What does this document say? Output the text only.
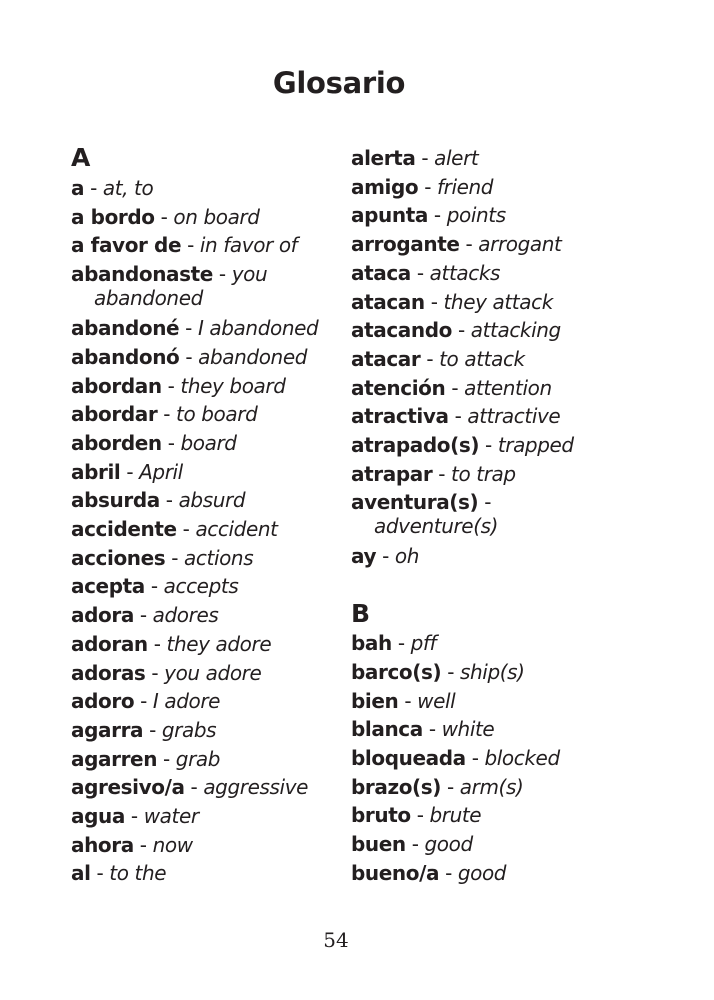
Glosario
A
a - at, to
a bordo - on board
a favor de - in favor of
abandonaste - you
abandoned
abandoné - I abandoned
abandonó - abandoned
abordan - they board
abordar - to board
aborden - board
abril - April
absurda - absurd
accidente - accident
acciones - actions
acepta - accepts
adora - adores
adoran - they adore
adoras - you adore
adoro - I adore
agarra - grabs
agarren - grab
agresivo/a - aggressive
agua - water
ahora - now
al - to the
alerta - alert
amigo - friend
apunta - points
arrogante - arrogant
ataca - attacks
atacan - they attack
atacando - attacking
atacar - to attack
atención - attention
atractiva - attractive
atrapado(s) - trapped
atrapar - to trap
aventura(s) -
adventure(s)
ay - oh
B
bah - pff
barco(s) - ship(s)
bien - well
blanca - white
bloqueada - blocked
brazo(s) - arm(s)
bruto - brute
buen - good
bueno/a - good
54
